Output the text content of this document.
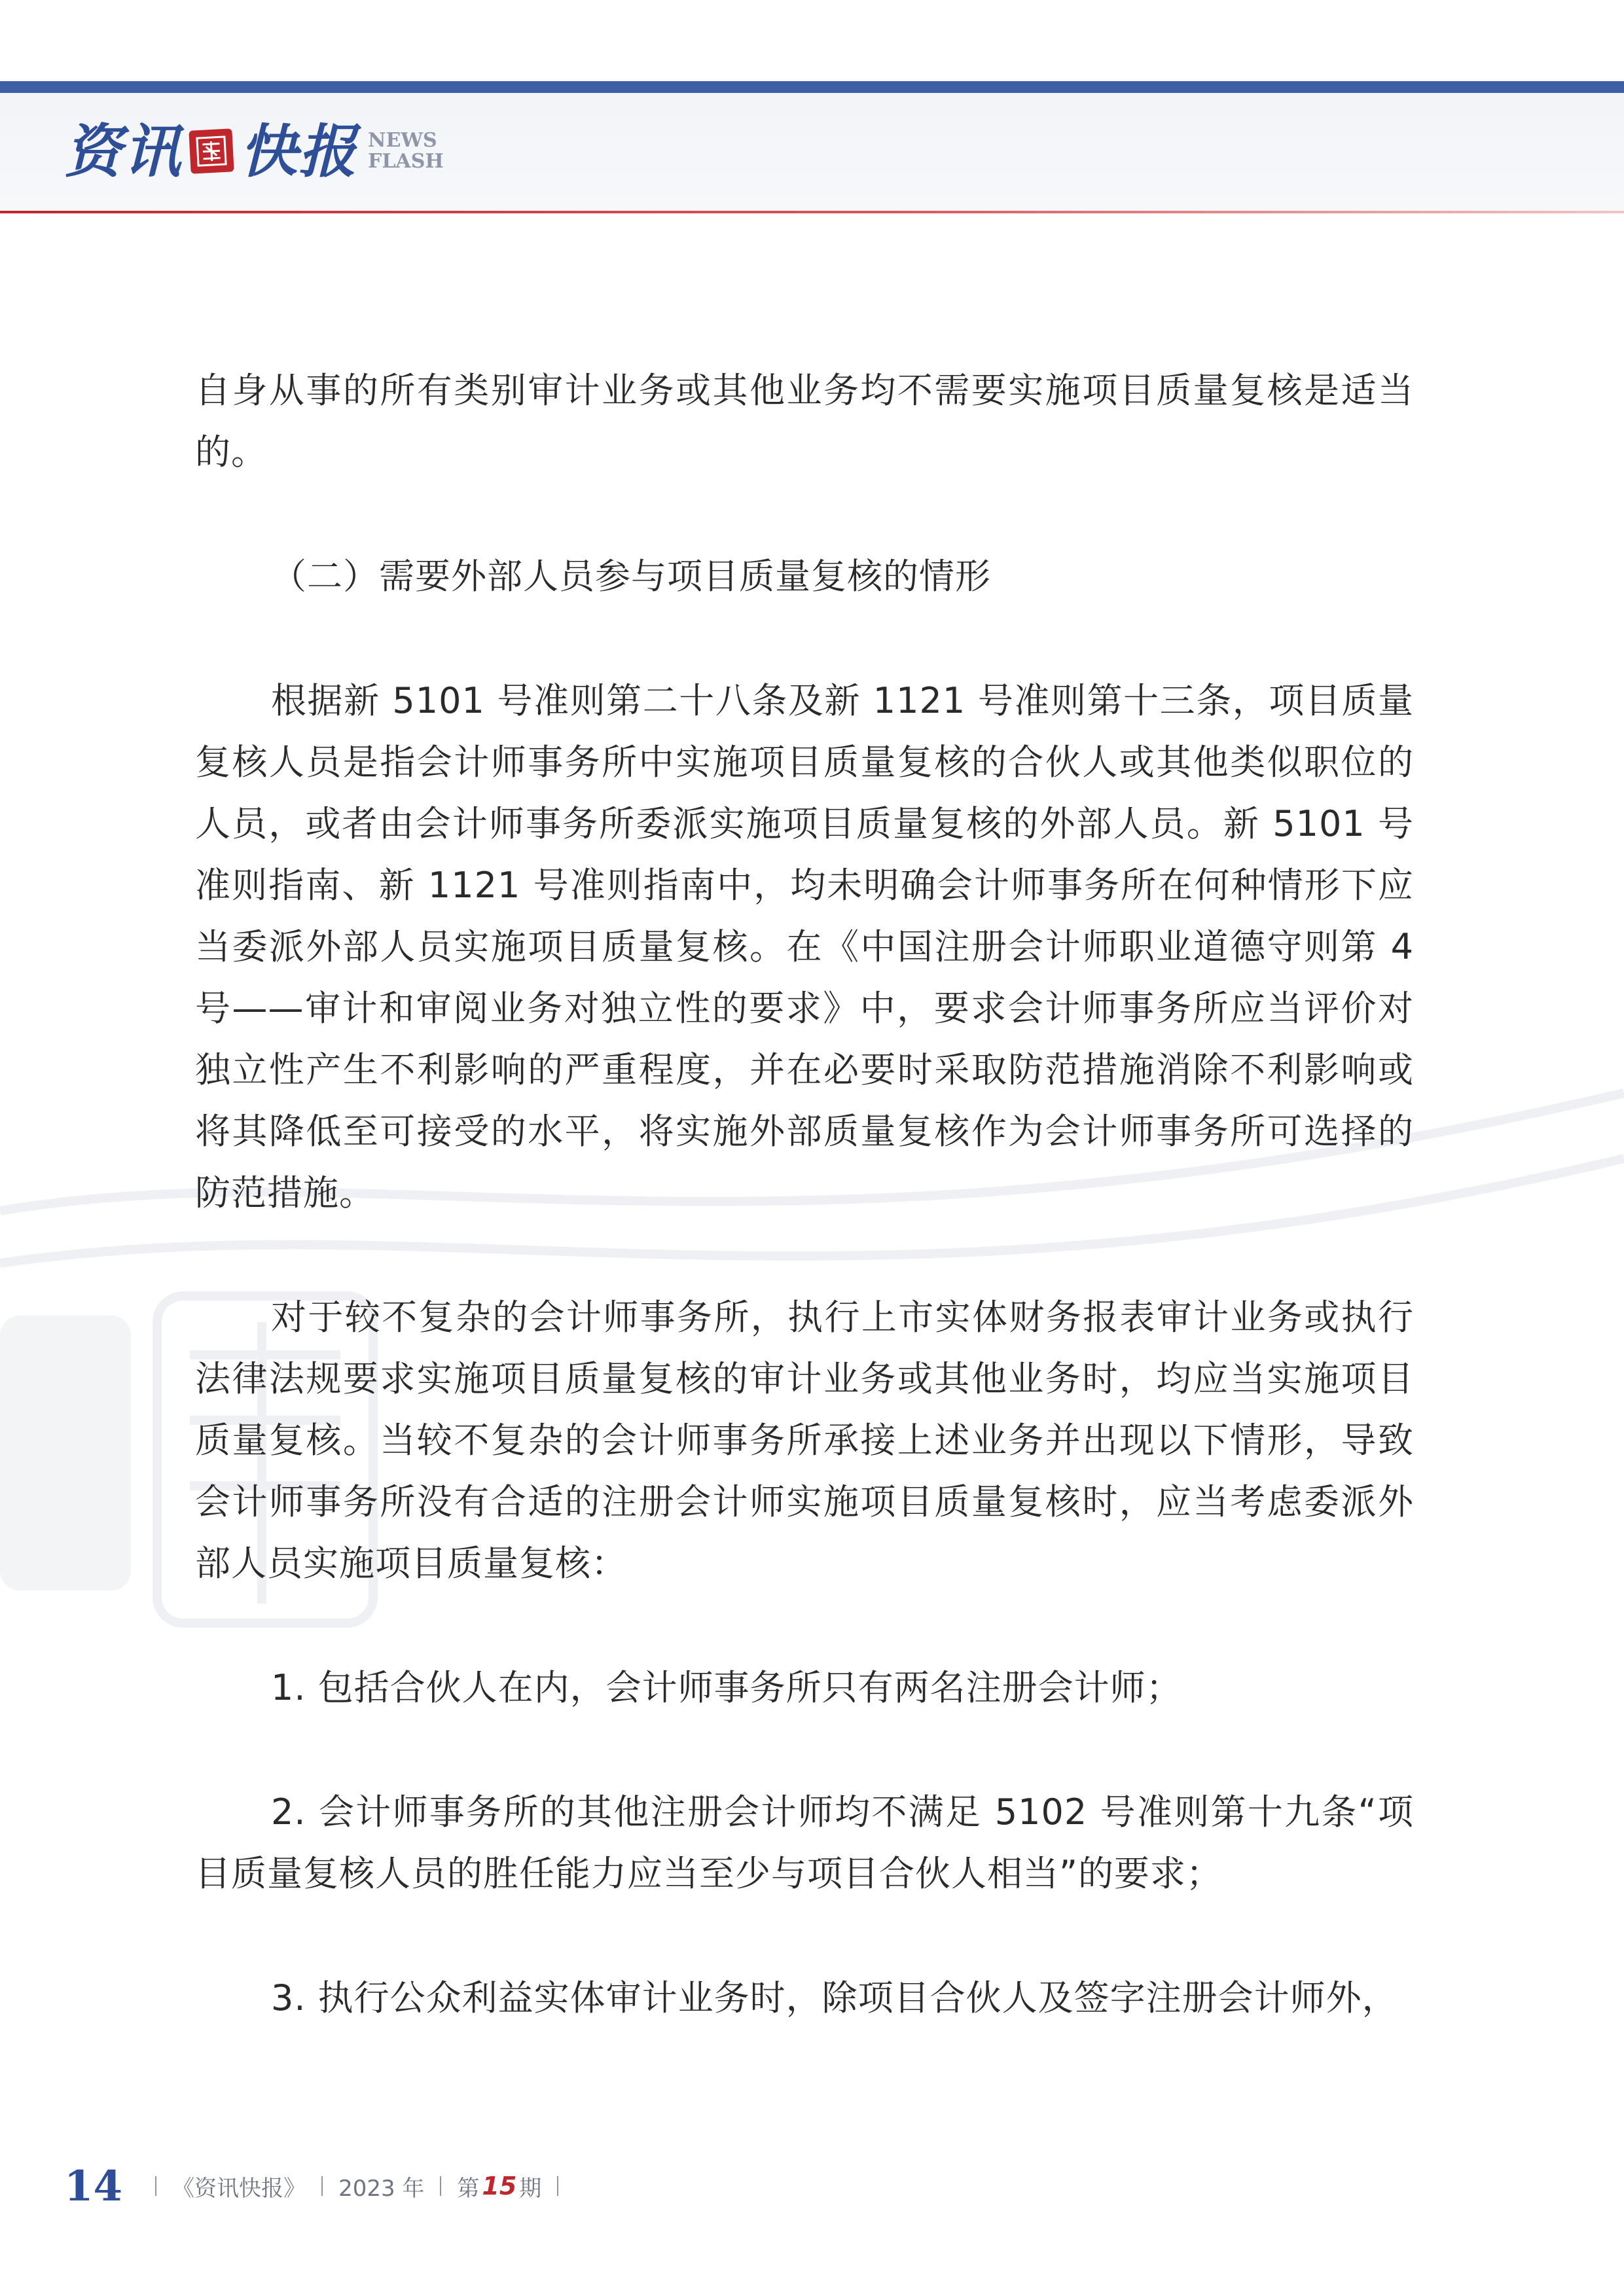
资讯 快报 NEWS
FLASH

自身从事的所有类别审计业务或其他业务均不需要实施项目质量复核是适当的。

（二）需要外部人员参与项目质量复核的情形

根据新 5101 号准则第二十八条及新 1121 号准则第十三条，项目质量复核人员是指会计师事务所中实施项目质量复核的合伙人或其他类似职位的人员，或者由会计师事务所委派实施项目质量复核的外部人员。新 5101 号准则指南、新 1121 号准则指南中，均未明确会计师事务所在何种情形下应当委派外部人员实施项目质量复核。在《中国注册会计师职业道德守则第 4 号——审计和审阅业务对独立性的要求》中，要求会计师事务所应当评价对独立性产生不利影响的严重程度，并在必要时采取防范措施消除不利影响或将其降低至可接受的水平，将实施外部质量复核作为会计师事务所可选择的防范措施。

对于较不复杂的会计师事务所，执行上市实体财务报表审计业务或执行法律法规要求实施项目质量复核的审计业务或其他业务时，均应当实施项目质量复核。当较不复杂的会计师事务所承接上述业务并出现以下情形，导致会计师事务所没有合适的注册会计师实施项目质量复核时，应当考虑委派外部人员实施项目质量复核：

1. 包括合伙人在内，会计师事务所只有两名注册会计师；

2. 会计师事务所的其他注册会计师均不满足 5102 号准则第十九条“项目质量复核人员的胜任能力应当至少与项目合伙人相当”的要求；

3. 执行公众利益实体审计业务时，除项目合伙人及签字注册会计师外，

14 《资讯快报》 2023 年 第 15 期
